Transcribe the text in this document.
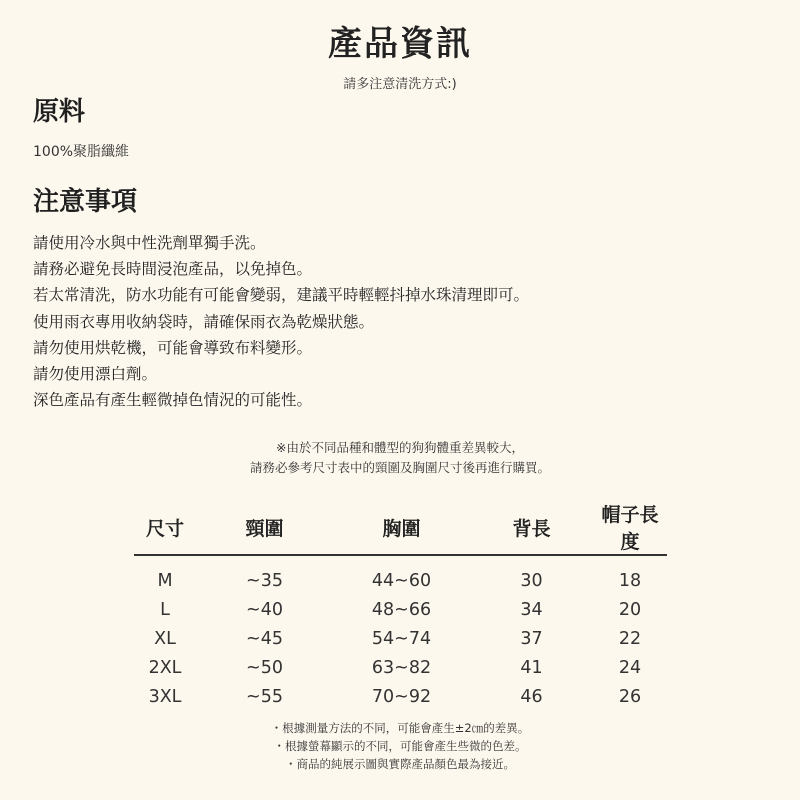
產品資訊
請多注意清洗方式:)
原料
100%聚脂纖維
注意事項
請使用冷水與中性洗劑單獨手洗。
請務必避免長時間浸泡產品，以免掉色。
若太常清洗，防水功能有可能會變弱，建議平時輕輕抖掉水珠清理即可。
使用雨衣專用收納袋時，請確保雨衣為乾燥狀態。
請勿使用烘乾機，可能會導致布料變形。
請勿使用漂白劑。
深色產品有產生輕微掉色情況的可能性。
※由於不同品種和體型的狗狗體重差異較大，
請務必參考尺寸表中的頸圍及胸圍尺寸後再進行購買。
尺寸	頸圍	胸圍	背長	帽子長度
M	~35	44~60	30	18
L	~40	48~66	34	20
XL	~45	54~74	37	22
2XL	~50	63~82	41	24
3XL	~55	70~92	46	26
・根據測量方法的不同，可能會產生±2㎝的差異。
・根據螢幕顯示的不同，可能會產生些微的色差。
・商品的純展示圖與實際產品顏色最為接近。
